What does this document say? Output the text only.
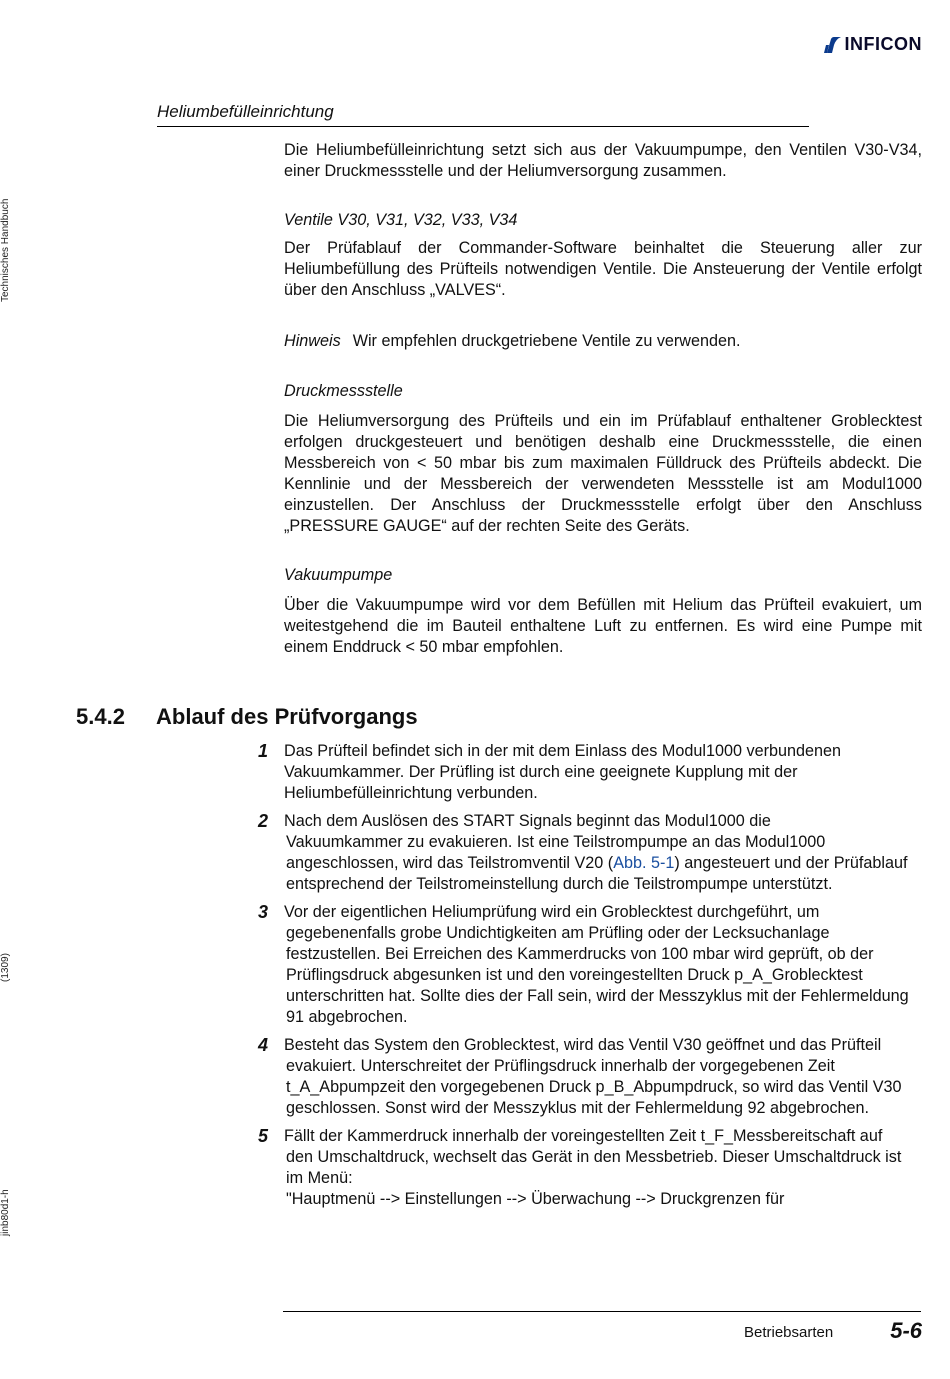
Technisches Handbuch
(1309)
jinb80d1-h
INFICON
Heliumbefülleinrichtung

Die Heliumbefülleinrichtung setzt sich aus der Vakuumpumpe, den Ventilen V30-V34, einer Druckmessstelle und der Heliumversorgung zusammen.

Ventile V30, V31, V32, V33, V34

Der Prüfablauf der Commander-Software beinhaltet die Steuerung aller zur Heliumbefüllung des Prüfteils notwendigen Ventile. Die Ansteuerung der Ventile erfolgt über den Anschluss „VALVES“.

Hinweis Wir empfehlen druckgetriebene Ventile zu verwenden.
Druckmessstelle

Die Heliumversorgung des Prüfteils und ein im Prüfablauf enthaltener Groblecktest erfolgen druckgesteuert und benötigen deshalb eine Druckmessstelle, die einen Messbereich von < 50 mbar bis zum maximalen Fülldruck des Prüfteils abdeckt. Die Kennlinie und der Messbereich der verwendeten Messstelle ist am Modul1000 einzustellen. Der Anschluss der Druckmessstelle erfolgt über den Anschluss „PRESSURE GAUGE“ auf der rechten Seite des Geräts.

Vakuumpumpe

Über die Vakuumpumpe wird vor dem Befüllen mit Helium das Prüfteil evakuiert, um weitestgehend die im Bauteil enthaltene Luft zu entfernen. Es wird eine Pumpe mit einem Enddruck < 50 mbar empfohlen.

5.4.2 Ablauf des Prüfvorgangs
1 Das Prüfteil befindet sich in der mit dem Einlass des Modul1000 verbundenen
Vakuumkammer. Der Prüfling ist durch eine geeignete Kupplung mit der Heliumbefülleinrichtung verbunden.
2 Nach dem Auslösen des START Signals beginnt das Modul1000 die
Vakuumkammer zu evakuieren. Ist eine Teilstrompumpe an das Modul1000 angeschlossen, wird das Teilstromventil V20 (Abb. 5-1) angesteuert und der Prüfablauf entsprechend der Teilstromeinstellung durch die Teilstrompumpe unterstützt.
3 Vor der eigentlichen Heliumprüfung wird ein Groblecktest durchgeführt, um
gegebenenfalls grobe Undichtigkeiten am Prüfling oder der Lecksuchanlage festzustellen. Bei Erreichen des Kammerdrucks von 100 mbar wird geprüft, ob der Prüflingsdruck abgesunken ist und den voreingestellten Druck p_A_Groblecktest unterschritten hat. Sollte dies der Fall sein, wird der Messzyklus mit der Fehlermeldung 91 abgebrochen.
4 Besteht das System den Groblecktest, wird das Ventil V30 geöffnet und das Prüfteil
evakuiert. Unterschreitet der Prüflingsdruck innerhalb der vorgegebenen Zeit t_A_Abpumpzeit den vorgegebenen Druck p_B_Abpumpdruck, so wird das Ventil V30 geschlossen. Sonst wird der Messzyklus mit der Fehlermeldung 92 abgebrochen.
5 Fällt der Kammerdruck innerhalb der voreingestellten Zeit t_F_Messbereitschaft auf
den Umschaltdruck, wechselt das Gerät in den Messbetrieb. Dieser Umschaltdruck ist im Menü:
"Hauptmenü --> Einstellungen --> Überwachung --> Druckgrenzen für
Betriebsarten	5-6
